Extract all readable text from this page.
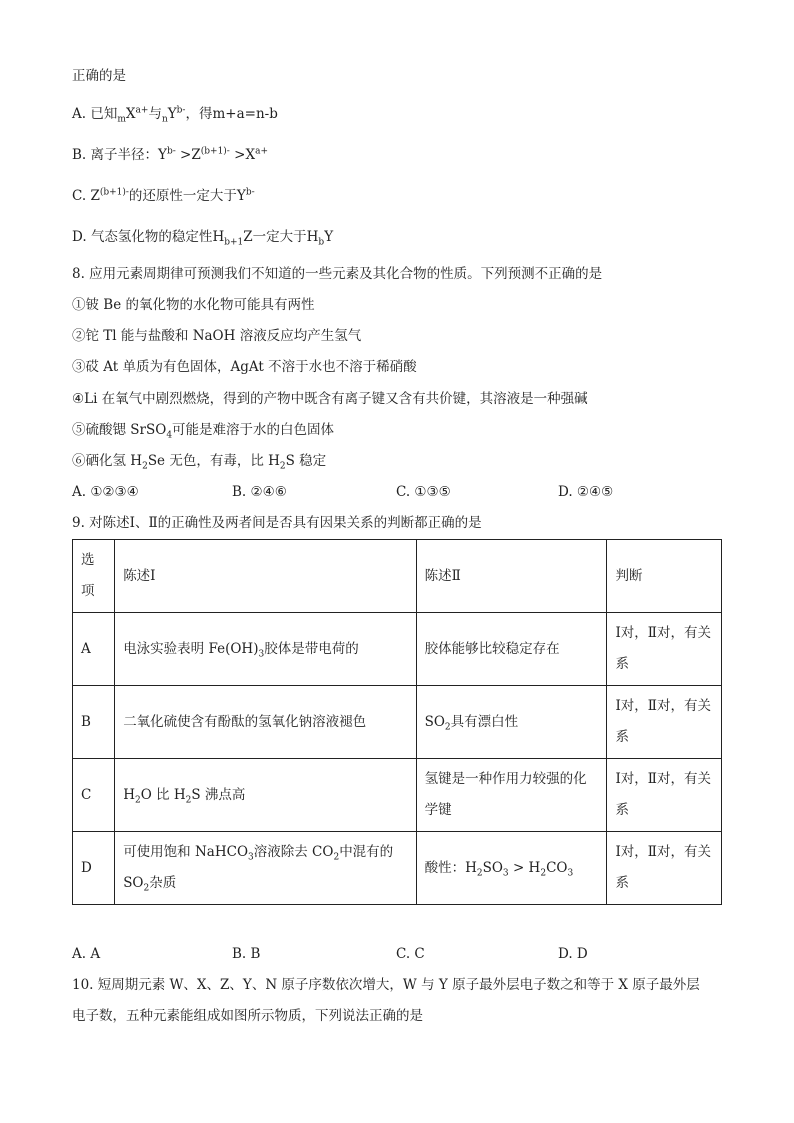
正确的是
A. 已知$_mX^{a+}$与$_nY^{b-}$，得m+a=n-b
B. 离子半径：$Y^{b-} >Z^{(b+1)-} >X^{a+}$
C. $Z^{(b+1)-}$的还原性一定大于$Y^{b-}$
D. 气态氢化物的稳定性$H_{b+1}Z$一定大于$H_bY$
8. 应用元素周期律可预测我们不知道的一些元素及其化合物的性质。下列预测不正确的是
①铍 Be 的氧化物的水化物可能具有两性
②铊 Tl 能与盐酸和 NaOH 溶液反应均产生氢气
③砹 At 单质为有色固体，AgAt 不溶于水也不溶于稀硝酸
④Li 在氧气中剧烈燃烧，得到的产物中既含有离子键又含有共价键，其溶液是一种强碱
⑤硫酸锶 SrSO$_4$可能是难溶于水的白色固体
⑥硒化氢 $H_2Se$ 无色，有毒，比 $H_2S$ 稳定
A. ①②③④	B. ②④⑥	C. ①③⑤	D. ②④⑤
9. 对陈述Ⅰ、Ⅱ的正确性及两者间是否具有因果关系的判断都正确的是
选项	陈述Ⅰ	陈述Ⅱ	判断
A	电泳实验表明 $Fe(OH)_3$胶体是带电荷的	胶体能够比较稳定存在	Ⅰ对，Ⅱ对，有关系
B	二氧化硫使含有酚酞的氢氧化钠溶液褪色	$SO_2$具有漂白性	Ⅰ对，Ⅱ对，有关系
C	$H_2O$ 比 $H_2S$ 沸点高	氢键是一种作用力较强的化学键	Ⅰ对，Ⅱ对，有关系
D	可使用饱和 NaHCO$_3$溶液除去 $CO_2$中混有的
$SO_2$杂质	酸性：$H_2SO_3 > H_2CO_3$	Ⅰ对，Ⅱ对，有关系
A. A	B. B	C. C	D. D
10. 短周期元素 W、X、Z、Y、N 原子序数依次增大，W 与 Y 原子最外层电子数之和等于 X 原子最外层
电子数，五种元素能组成如图所示物质，下列说法正确的是
